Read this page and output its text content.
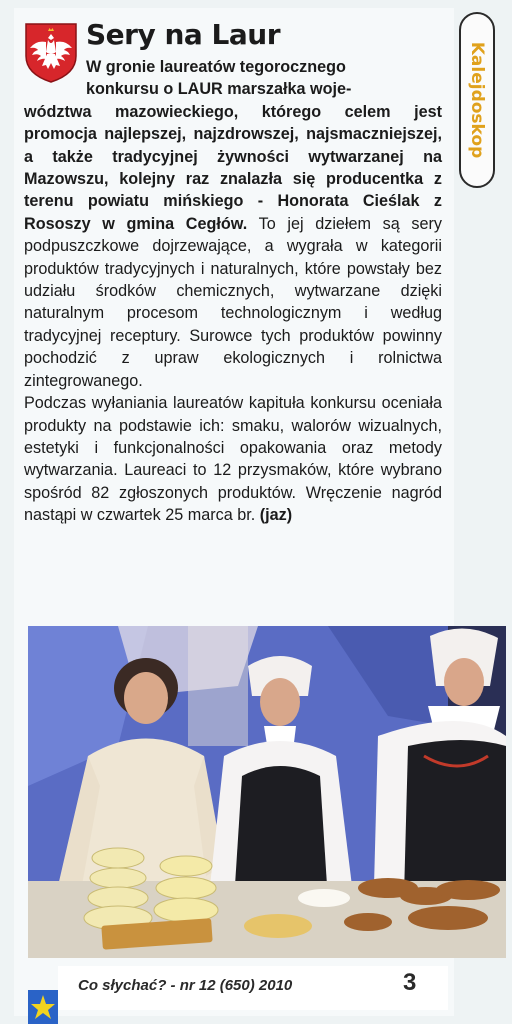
Sery na Laur
Kalejdoskop

W gronie laureatów tegorocznego
konkursu o LAUR marszałka woje-
wództwa mazowieckiego, którego celem jest promocja najlepszej, najzdrowszej, najsmaczniejszej, a także tradycyjnej żywności wytwarzanej na Mazowszu, kolejny raz znalazła się producentka z terenu powiatu mińskiego - Honorata Cieślak z Rososzy w gmina Cegłów. To jej dziełem są sery podpuszczkowe dojrzewające, a wygrała w kategorii produktów tradycyjnych i naturalnych, które powstały bez udziału środków chemicznych, wytwarzane dzięki naturalnym procesom technologicznym i według tradycyjnej receptury. Surowce tych produktów powinny pochodzić z upraw ekologicznych i rolnictwa zintegrowanego.

Podczas wyłaniania laureatów kapituła konkursu oceniała produkty na podstawie ich: smaku, walorów wizualnych, estetyki i funkcjonalności opakowania oraz metody wytwarzania. Laureaci to 12 przysmaków, które wybrano spośród 82 zgłoszonych produktów. Wręczenie nagród nastąpi w czwartek 25 marca br. (jaz)

Co słychać? - nr 12 (650) 2010	3
